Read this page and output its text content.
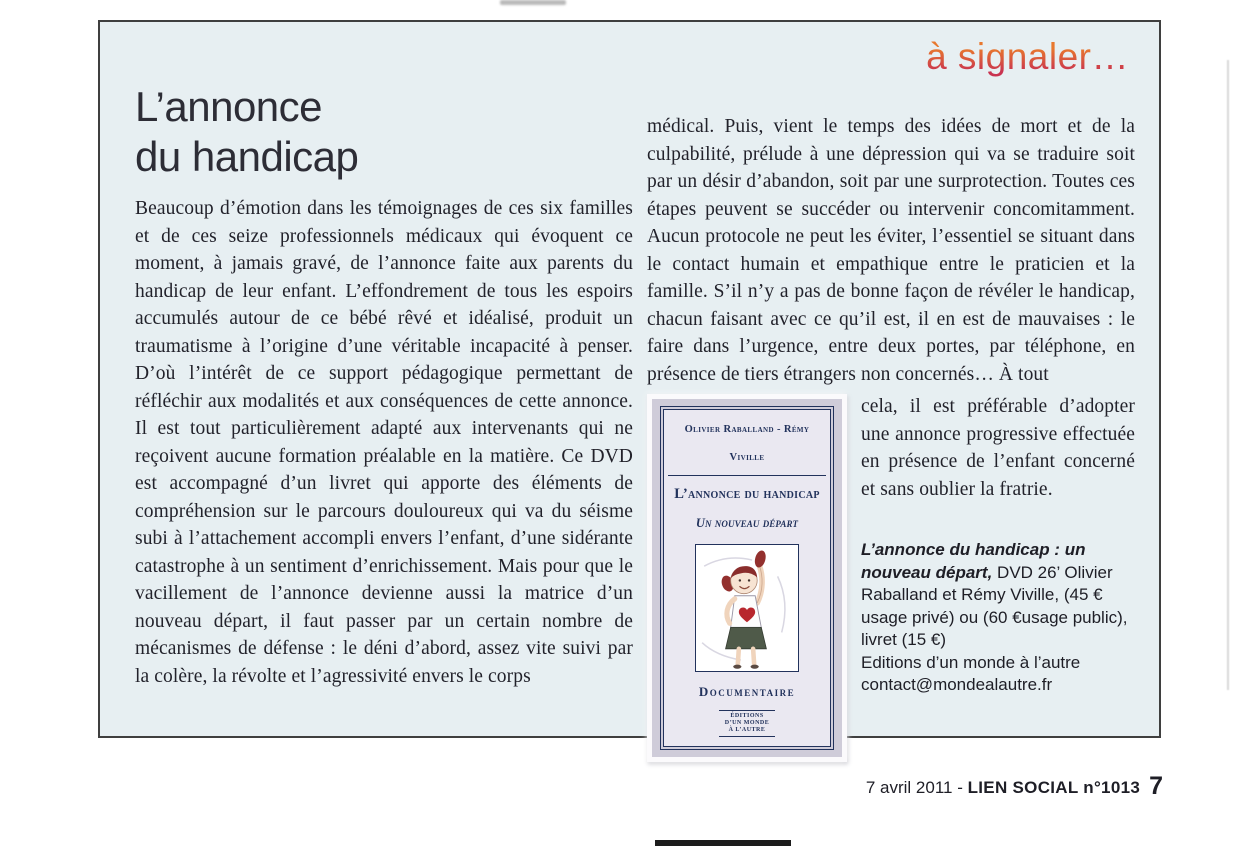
à signaler…
L’annonce
du handicap
Beaucoup d’émotion dans les témoignages de ces six familles et de ces seize professionnels médicaux qui évoquent ce moment, à jamais gravé, de l’annonce faite aux parents du handicap de leur enfant. L’effondrement de tous les espoirs accumulés autour de ce bébé rêvé et idéalisé, produit un traumatisme à l’origine d’une véritable incapacité à penser. D’où l’intérêt de ce support pédagogique permettant de réfléchir aux modalités et aux conséquences de cette annonce. Il est tout particulièrement adapté aux intervenants qui ne reçoivent aucune formation préalable en la matière. Ce DVD est accompagné d’un livret qui apporte des éléments de compréhension sur le parcours douloureux qui va du séisme subi à l’attachement accompli envers l’enfant, d’une sidérante catastrophe à un sentiment d’enrichissement. Mais pour que le vacillement de l’annonce devienne aussi la matrice d’un nouveau départ, il faut passer par un certain nombre de mécanismes de défense : le déni d’abord, assez vite suivi par la colère, la révolte et l’agressivité envers le corps

médical. Puis, vient le temps des idées de mort et de la culpabilité, prélude à une dépression qui va se traduire soit par un désir d’abandon, soit par une surprotection. Toutes ces étapes peuvent se succéder ou intervenir concomitamment. Aucun protocole ne peut les éviter, l’essentiel se situant dans le contact humain et empathique entre le praticien et la famille. S’il n’y a pas de bonne façon de révéler le handicap, chacun faisant avec ce qu’il est, il en est de mauvaises : le faire dans l’urgence, entre deux portes, par téléphone, en présence de tiers étrangers non concernés… À tout

Olivier Raballand - Rémy Viville
L’annonce du handicap
Un nouveau départ
Documentaire
ÉDITIONS
D’UN MONDE
À L’AUTRE

cela, il est préférable d’adopter une annonce progressive effectuée en présence de l’enfant concerné et sans oublier la fratrie.

L’annonce du handicap : un nouveau départ, DVD 26’ Olivier Raballand et Rémy Viville, (45 € usage privé) ou (60 €usage public), livret (15 €)
Editions d’un monde à l’autre
contact@mondealautre.fr
7 avril 2011 - LIEN SOCIAL n°1013 7
